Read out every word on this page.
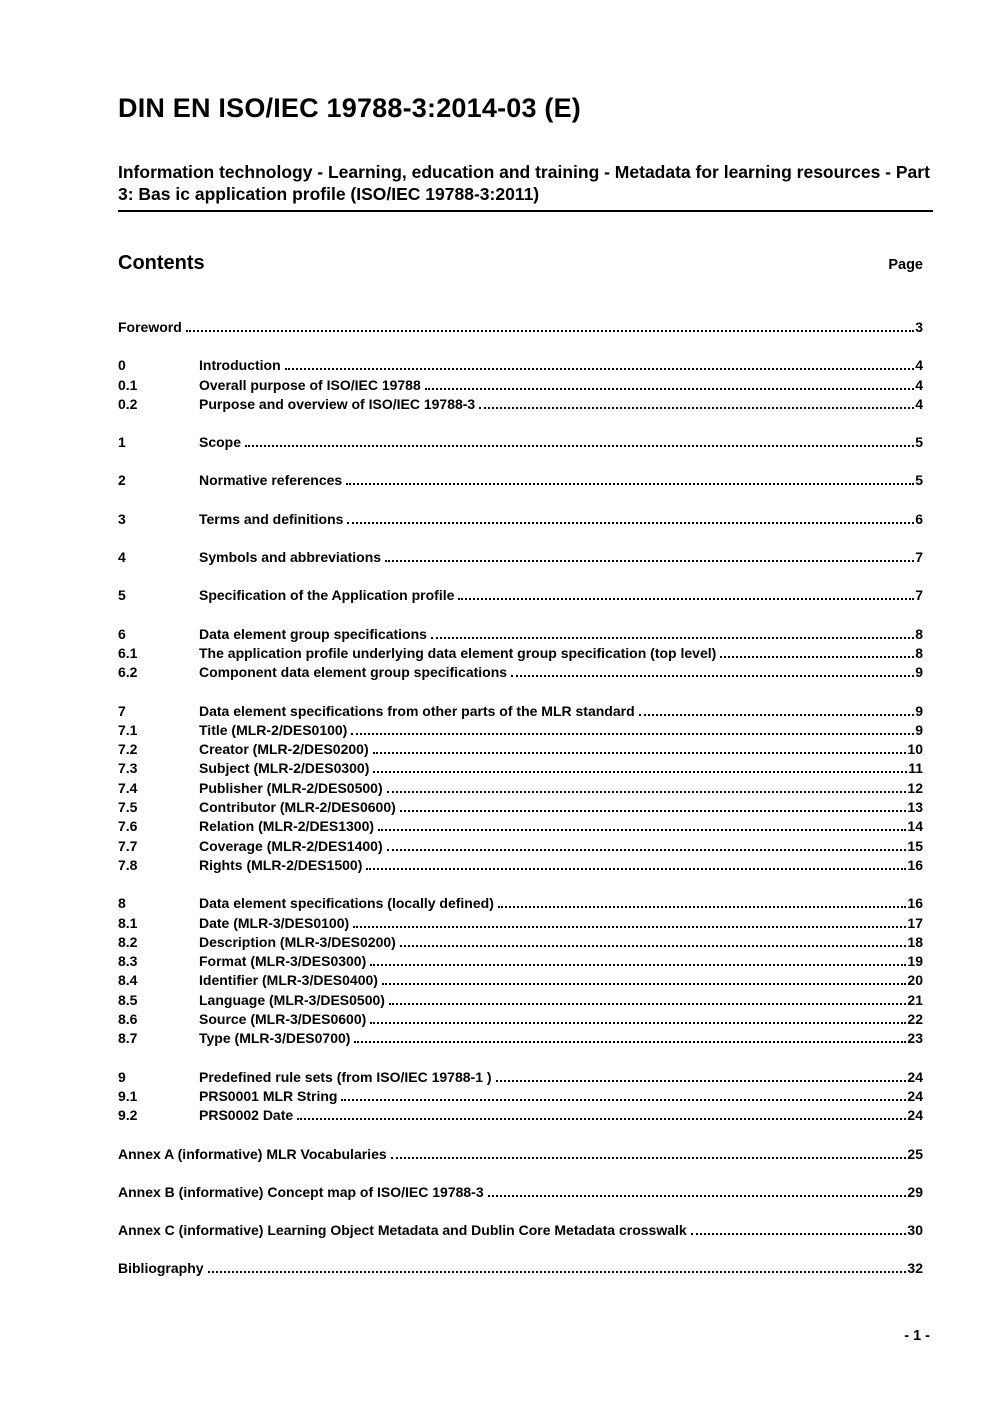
DIN EN ISO/IEC 19788-3:2014-03 (E)
Information technology - Learning, education and training - Metadata for learning resources - Part 3: Bas ic application profile (ISO/IEC 19788-3:2011)
Contents	Page
Foreword	3
0	Introduction	4
0.1	Overall purpose of ISO/IEC 19788	4
0.2	Purpose and overview of ISO/IEC 19788-3	4
1	Scope	5
2	Normative references	5
3	Terms and definitions	6
4	Symbols and abbreviations	7
5	Specification of the Application profile	7
6	Data element group specifications	8
6.1	The application profile underlying data element group specification (top level)	8
6.2	Component data element group specifications	9
7	Data element specifications from other parts of the MLR standard	9
7.1	Title (MLR-2/DES0100)	9
7.2	Creator (MLR-2/DES0200)	10
7.3	Subject (MLR-2/DES0300)	11
7.4	Publisher (MLR-2/DES0500)	12
7.5	Contributor (MLR-2/DES0600)	13
7.6	Relation (MLR-2/DES1300)	14
7.7	Coverage (MLR-2/DES1400)	15
7.8	Rights (MLR-2/DES1500)	16
8	Data element specifications (locally defined)	16
8.1	Date (MLR-3/DES0100)	17
8.2	Description (MLR-3/DES0200)	18
8.3	Format (MLR-3/DES0300)	19
8.4	Identifier (MLR-3/DES0400)	20
8.5	Language (MLR-3/DES0500)	21
8.6	Source (MLR-3/DES0600)	22
8.7	Type (MLR-3/DES0700)	23
9	Predefined rule sets (from ISO/IEC 19788-1 )	24
9.1	PRS0001 MLR String	24
9.2	PRS0002 Date	24
Annex A (informative) MLR Vocabularies	25
Annex B (informative) Concept map of ISO/IEC 19788-3	29
Annex C (informative) Learning Object Metadata and Dublin Core Metadata crosswalk	30
Bibliography	32
- 1 -
